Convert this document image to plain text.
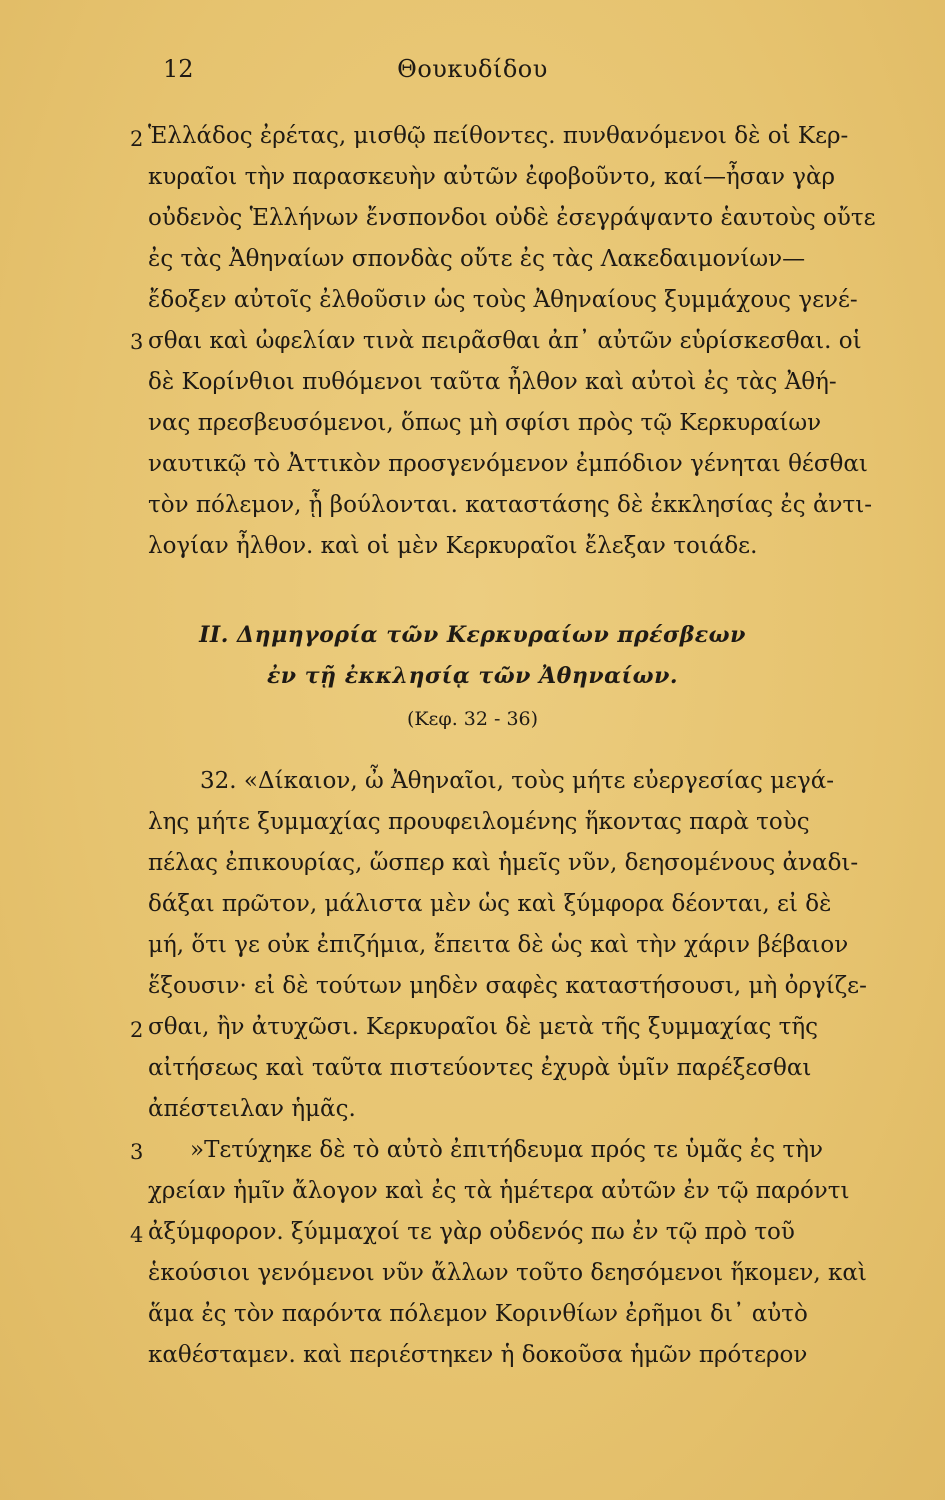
12	Θουκυδίδου
2
3
Ἑλλάδος ἐρέτας, μισθῷ πείθοντες. πυνθανόμενοι δὲ οἱ Κερ-
κυραῖοι τὴν παρασκευὴν αὐτῶν ἐφοβοῦντο, καί—ἦσαν γὰρ
οὐδενὸς Ἑλλήνων ἔνσπονδοι οὐδὲ ἐσεγράψαντο ἑαυτοὺς οὔτε
ἐς τὰς Ἀθηναίων σπονδὰς οὔτε ἐς τὰς Λακεδαιμονίων—
ἔδοξεν αὐτοῖς ἐλθοῦσιν ὡς τοὺς Ἀθηναίους ξυμμάχους γενέ-
σθαι καὶ ὠφελίαν τινὰ πειρᾶσθαι ἀπ᾽ αὐτῶν εὑρίσκεσθαι. οἱ
δὲ Κορίνθιοι πυθόμενοι ταῦτα ἦλθον καὶ αὐτοὶ ἐς τὰς Ἀθή-
νας πρεσβευσόμενοι, ὅπως μὴ σφίσι πρὸς τῷ Κερκυραίων
ναυτικῷ τὸ Ἀττικὸν προσγενόμενον ἐμπόδιον γένηται θέσθαι
τὸν πόλεμον, ᾗ βούλονται. καταστάσης δὲ ἐκκλησίας ἐς ἀντι-
λογίαν ἦλθον. καὶ οἱ μὲν Κερκυραῖοι ἔλεξαν τοιάδε.
II. Δημηγορία τῶν Κερκυραίων πρέσβεων
ἐν τῇ ἐκκλησίᾳ τῶν Ἀθηναίων.
(Κεφ. 32 - 36)
32. «Δίκαιον, ὦ Ἀθηναῖοι, τοὺς μήτε εὐεργεσίας μεγά-
λης μήτε ξυμμαχίας προυφειλομένης ἥκοντας παρὰ τοὺς
πέλας ἐπικουρίας, ὥσπερ καὶ ἡμεῖς νῦν, δεησομένους ἀναδι-
δάξαι πρῶτον, μάλιστα μὲν ὡς καὶ ξύμφορα δέονται, εἰ δὲ
μή, ὅτι γε οὐκ ἐπιζήμια, ἔπειτα δὲ ὡς καὶ τὴν χάριν βέβαιον
ἕξουσιν· εἰ δὲ τούτων μηδὲν σαφὲς καταστήσουσι, μὴ ὀργίζε-
2 σθαι, ἢν ἀτυχῶσι. Κερκυραῖοι δὲ μετὰ τῆς ξυμμαχίας τῆς
αἰτήσεως καὶ ταῦτα πιστεύοντες ἐχυρὰ ὑμῖν παρέξεσθαι
ἀπέστειλαν ἡμᾶς.
3 »Τετύχηκε δὲ τὸ αὐτὸ ἐπιτήδευμα πρός τε ὑμᾶς ἐς τὴν
χρείαν ἡμῖν ἄλογον καὶ ἐς τὰ ἡμέτερα αὐτῶν ἐν τῷ παρόντι
4 ἀξύμφορον. ξύμμαχοί τε γὰρ οὐδενός πω ἐν τῷ πρὸ τοῦ
ἑκούσιοι γενόμενοι νῦν ἄλλων τοῦτο δεησόμενοι ἥκομεν, καὶ
ἅμα ἐς τὸν παρόντα πόλεμον Κορινθίων ἐρῆμοι δι᾽ αὐτὸ
καθέσταμεν. καὶ περιέστηκεν ἡ δοκοῦσα ἡμῶν πρότερον
